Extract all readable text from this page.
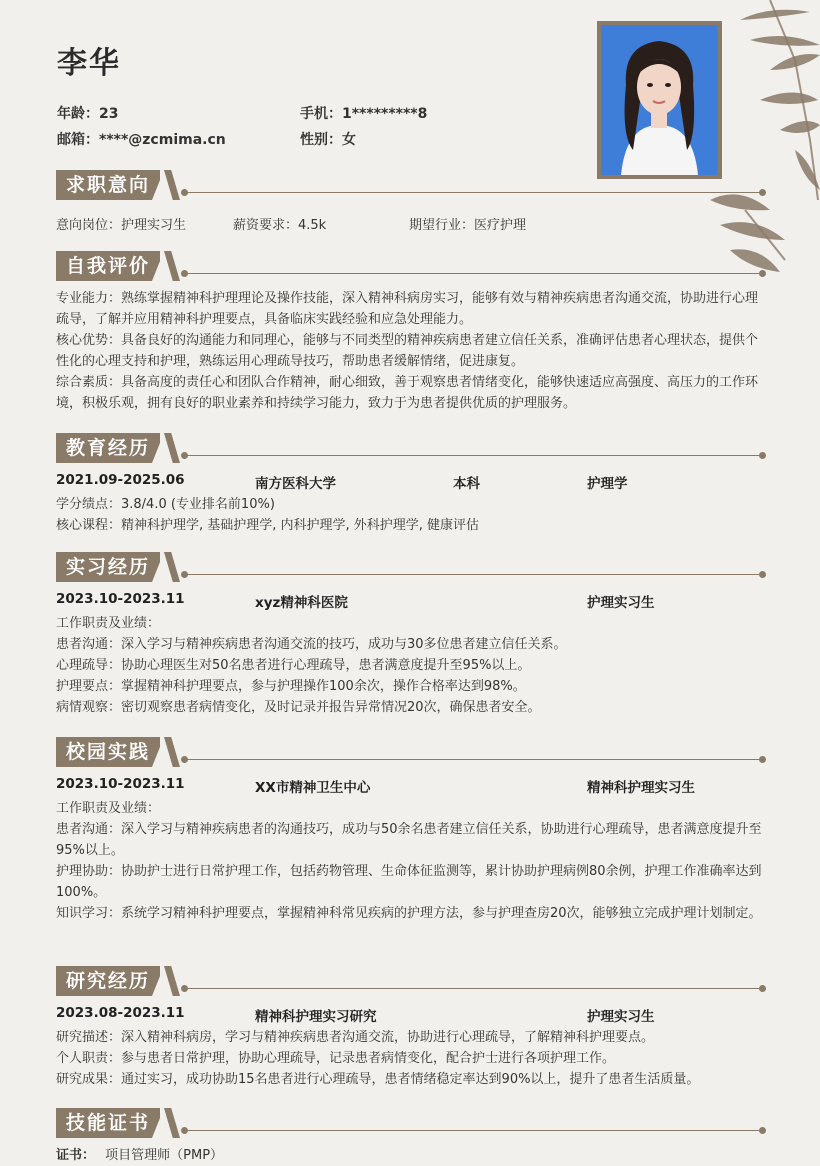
李华
年龄：23	手机：1*********8
邮箱：****@zcmima.cn	性别：女
求职意向
意向岗位：护理实习生	薪资要求：4.5k	期望行业：医疗护理
自我评价
专业能力：熟练掌握精神科护理理论及操作技能，深入精神科病房实习，能够有效与精神疾病患者沟通交流，协助进行心理疏导，了解并应用精神科护理要点，具备临床实践经验和应急处理能力。
核心优势：具备良好的沟通能力和同理心，能够与不同类型的精神疾病患者建立信任关系，准确评估患者心理状态，提供个性化的心理支持和护理，熟练运用心理疏导技巧，帮助患者缓解情绪，促进康复。
综合素质：具备高度的责任心和团队合作精神，耐心细致，善于观察患者情绪变化，能够快速适应高强度、高压力的工作环境，积极乐观，拥有良好的职业素养和持续学习能力，致力于为患者提供优质的护理服务。
教育经历
2021.09-2025.06	南方医科大学	本科	护理学
学分绩点：3.8/4.0 (专业排名前10%)
核心课程：精神科护理学, 基础护理学, 内科护理学, 外科护理学, 健康评估
实习经历
2023.10-2023.11	xyz精神科医院	护理实习生
工作职责及业绩：
患者沟通：深入学习与精神疾病患者沟通交流的技巧，成功与30多位患者建立信任关系。
心理疏导：协助心理医生对50名患者进行心理疏导，患者满意度提升至95%以上。
护理要点：掌握精神科护理要点，参与护理操作100余次，操作合格率达到98%。
病情观察：密切观察患者病情变化，及时记录并报告异常情况20次，确保患者安全。
校园实践
2023.10-2023.11	XX市精神卫生中心	精神科护理实习生
工作职责及业绩：
患者沟通：深入学习与精神疾病患者的沟通技巧，成功与50余名患者建立信任关系，协助进行心理疏导，患者满意度提升至95%以上。
护理协助：协助护士进行日常护理工作，包括药物管理、生命体征监测等，累计协助护理病例80余例，护理工作准确率达到100%。
知识学习：系统学习精神科护理要点，掌握精神科常见疾病的护理方法，参与护理查房20次，能够独立完成护理计划制定。
研究经历
2023.08-2023.11	精神科护理实习研究	护理实习生
研究描述：深入精神科病房，学习与精神疾病患者沟通交流，协助进行心理疏导，了解精神科护理要点。
个人职责：参与患者日常护理，协助心理疏导，记录患者病情变化，配合护士进行各项护理工作。
研究成果：通过实习，成功协助15名患者进行心理疏导，患者情绪稳定率达到90%以上，提升了患者生活质量。
技能证书
证书： 项目管理师（PMP）
